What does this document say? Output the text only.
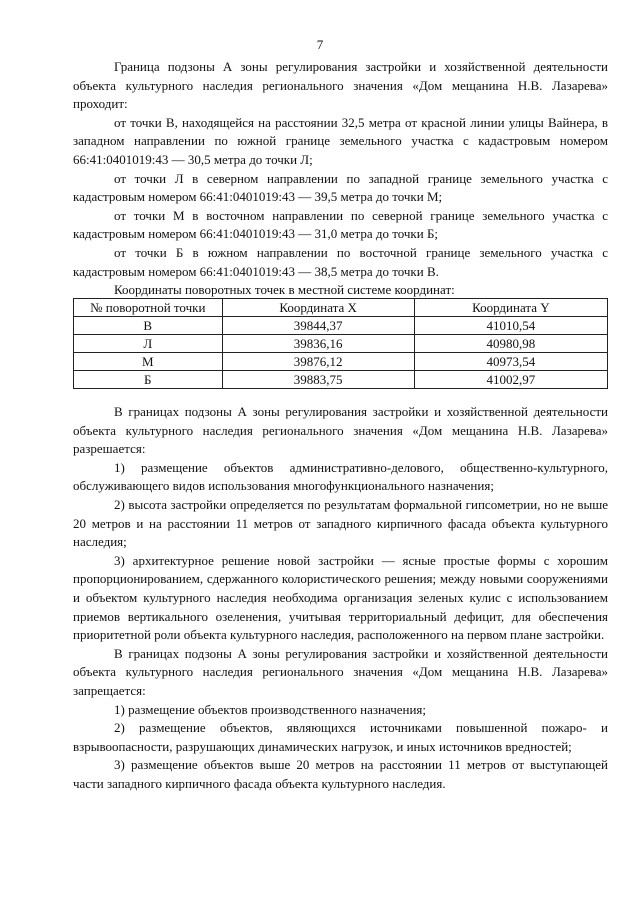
7

Граница подзоны А зоны регулирования застройки и хозяйственной деятельности объекта культурного наследия регионального значения «Дом мещанина Н.В. Лазарева» проходит:

от точки В, находящейся на расстоянии 32,5 метра от красной линии улицы Вайнера, в западном направлении по южной границе земельного участка с кадастровым номером 66:41:0401019:43 — 30,5 метра до точки Л;

от точки Л в северном направлении по западной границе земельного участка с кадастровым номером 66:41:0401019:43 — 39,5 метра до точки М;

от точки М в восточном направлении по северной границе земельного участка с кадастровым номером 66:41:0401019:43 — 31,0 метра до точки Б;

от точки Б в южном направлении по восточной границе земельного участка с кадастровым номером 66:41:0401019:43 — 38,5 метра до точки В.

Координаты поворотных точек в местной системе координат:

№ поворотной точки	Координата X	Координата Y
В	39844,37	41010,54
Л	39836,16	40980,98
М	39876,12	40973,54
Б	39883,75	41002,97

В границах подзоны А зоны регулирования застройки и хозяйственной деятельности объекта культурного наследия регионального значения «Дом мещанина Н.В. Лазарева» разрешается:

1) размещение объектов административно-делового, общественно-культурного, обслуживающего видов использования многофункционального назначения;

2) высота застройки определяется по результатам формальной гипсометрии, но не выше 20 метров и на расстоянии 11 метров от западного кирпичного фасада объекта культурного наследия;

3) архитектурное решение новой застройки — ясные простые формы с хорошим пропорционированием, сдержанного колористического решения; между новыми сооружениями и объектом культурного наследия необходима организация зеленых кулис с использованием приемов вертикального озеленения, учитывая территориальный дефицит, для обеспечения приоритетной роли объекта культурного наследия, расположенного на первом плане застройки.

В границах подзоны А зоны регулирования застройки и хозяйственной деятельности объекта культурного наследия регионального значения «Дом мещанина Н.В. Лазарева» запрещается:

1) размещение объектов производственного назначения;

2) размещение объектов, являющихся источниками повышенной пожаро- и взрывоопасности, разрушающих динамических нагрузок, и иных источников вредностей;

3) размещение объектов выше 20 метров на расстоянии 11 метров от выступающей части западного кирпичного фасада объекта культурного наследия.
